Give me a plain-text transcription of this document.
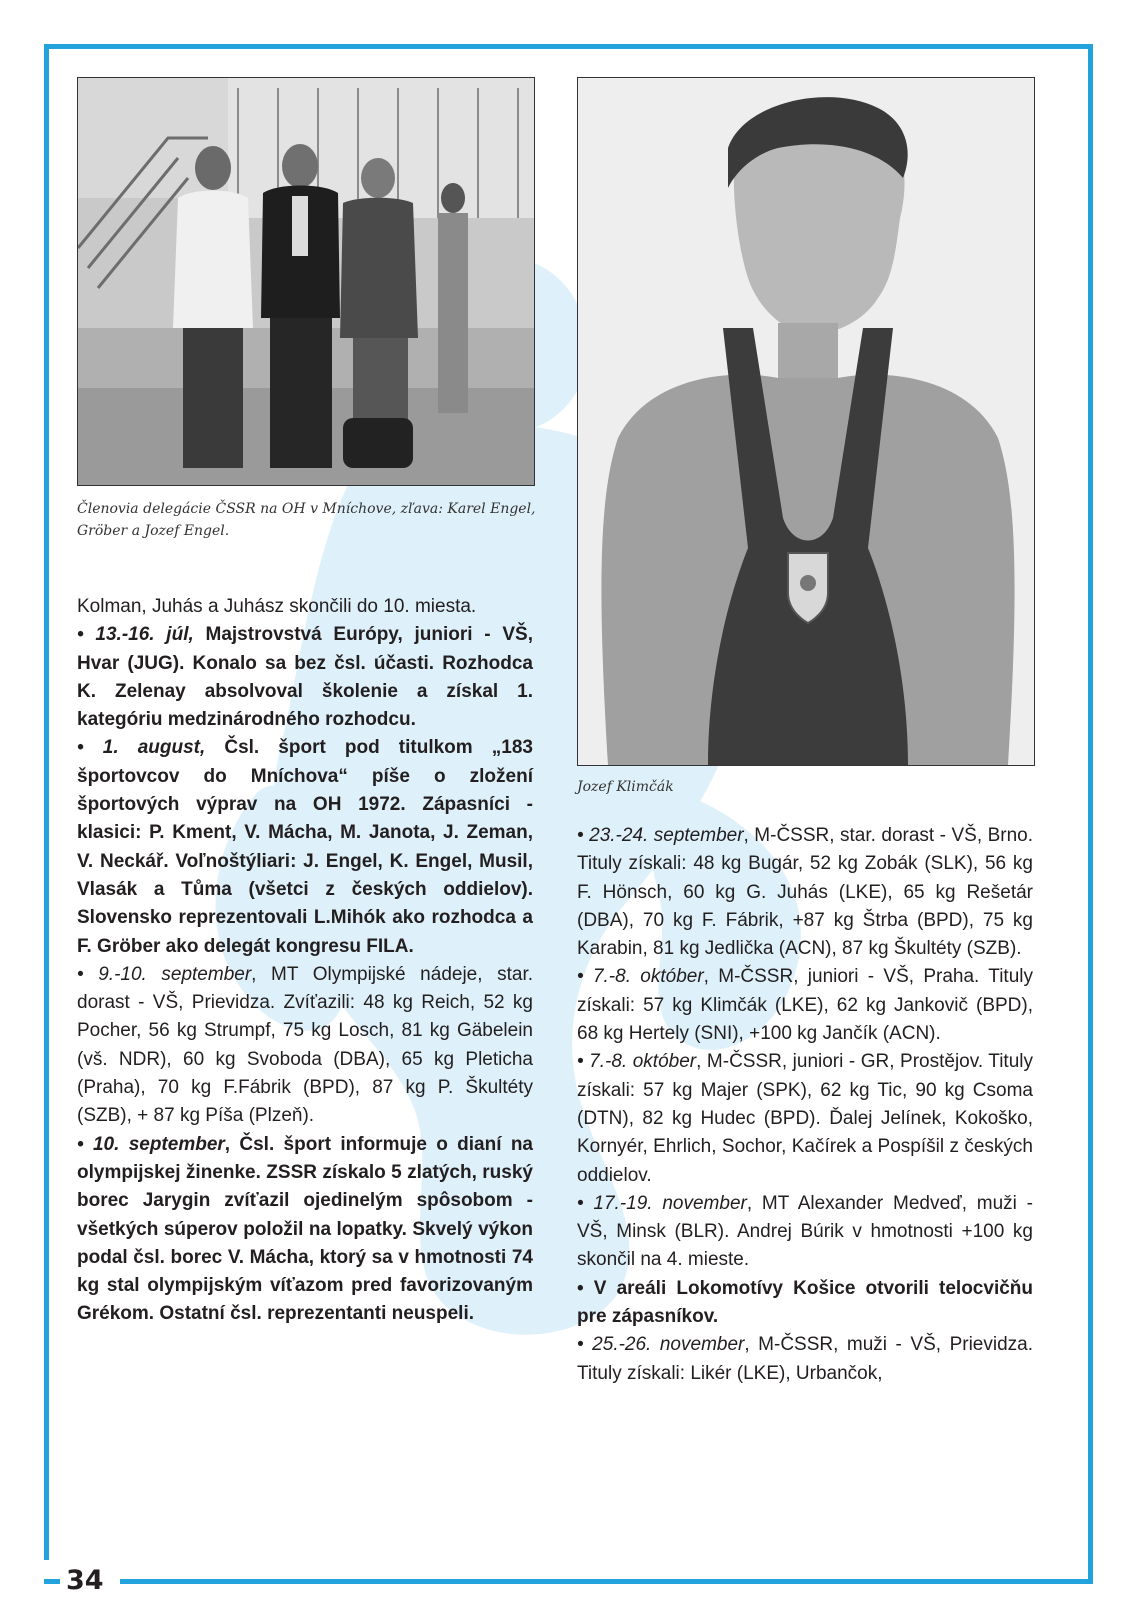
34
Členovia delegácie ČSSR na OH v Mníchove, zľava: Karel Engel, Gröber a Jozef Engel.
Jozef Klimčák

Kolman, Juhás a Juhász skončili do 10. miesta.

• 13.-16. júl, Majstrovstvá Európy, juniori - VŠ, Hvar (JUG). Konalo sa bez čsl. účasti. Rozhodca K. Zelenay absolvoval školenie a získal 1. kategóriu medzinárodného rozhodcu.

• 1. august, Čsl. šport pod titulkom „183 športovcov do Mníchova“ píše o zložení športových výprav na OH 1972. Zápasníci - klasici: P. Kment, V. Mácha, M. Janota, J. Zeman, V. Neckář. Voľnoštýliari: J. Engel, K. Engel, Musil, Vlasák a Tůma (všetci z českých oddielov). Slovensko reprezentovali L.Mihók ako rozhodca a F. Gröber ako delegát kongresu FILA.

• 9.-10. september, MT Olympijské nádeje, star. dorast - VŠ, Prievidza. Zvíťazili: 48 kg Reich, 52 kg Pocher, 56 kg Strumpf, 75 kg Losch, 81 kg Gäbelein (vš. NDR), 60 kg Svoboda (DBA), 65 kg Pleticha (Praha), 70 kg F.Fábrik (BPD), 87 kg P. Škultéty (SZB), + 87 kg Píša (Plzeň).

• 10. september, Čsl. šport informuje o dianí na olympijskej žinenke. ZSSR získalo 5 zlatých, ruský borec Jarygin zvíťazil ojedinelým spôsobom - všetkých súperov položil na lopatky. Skvelý výkon podal čsl. borec V. Mácha, ktorý sa v hmotnosti 74 kg stal olympijským víťazom pred favorizovaným Grékom. Ostatní čsl. reprezentanti neuspeli.

• 23.-24. september, M-ČSSR, star. dorast - VŠ, Brno. Tituly získali: 48 kg Bugár, 52 kg Zobák (SLK), 56 kg F. Hönsch, 60 kg G. Juhás (LKE), 65 kg Rešetár (DBA), 70 kg F. Fábrik, +87 kg Štrba (BPD), 75 kg Karabin, 81 kg Jedlička (ACN), 87 kg Škultéty (SZB).

• 7.-8. október, M-ČSSR, juniori - VŠ, Praha. Tituly získali: 57 kg Klimčák (LKE), 62 kg Jankovič (BPD), 68 kg Hertely (SNI), +100 kg Jančík (ACN).

• 7.-8. október, M-ČSSR, juniori - GR, Prostějov. Tituly získali: 57 kg Majer (SPK), 62 kg Tic, 90 kg Csoma (DTN), 82 kg Hudec (BPD). Ďalej Jelínek, Kokoško, Kornyér, Ehrlich, Sochor, Kačírek a Pospíšil z českých oddielov.

• 17.-19. november, MT Alexander Medveď, muži - VŠ, Minsk (BLR). Andrej Búrik v hmotnosti +100 kg skončil na 4. mieste.

• V areáli Lokomotívy Košice otvorili telocvičňu pre zápasníkov.

• 25.-26. november, M-ČSSR, muži - VŠ, Prievidza. Tituly získali: Likér (LKE), Urbančok,
